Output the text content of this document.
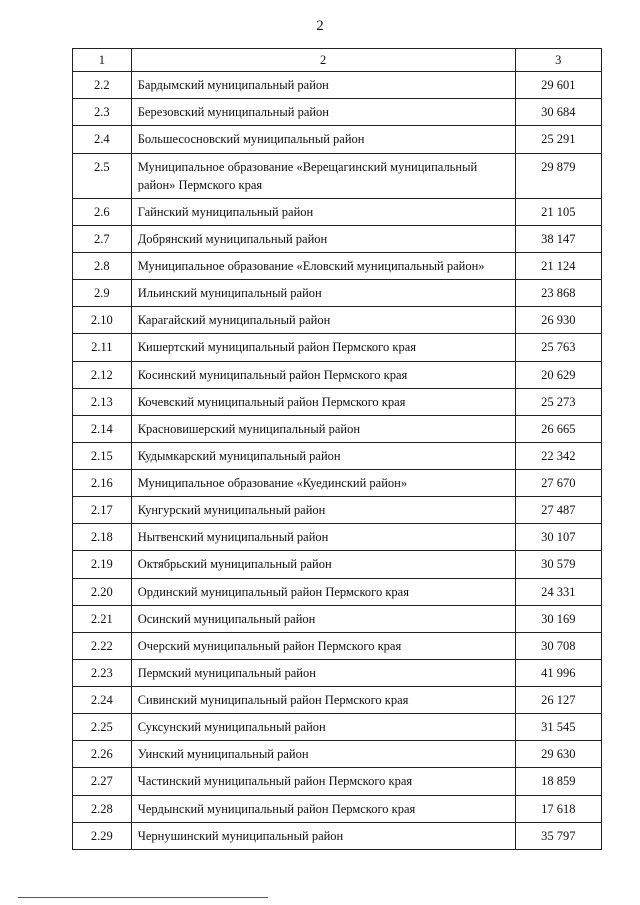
2
1	2	3
2.2	Бардымский муниципальный район	29 601
2.3	Березовский муниципальный район	30 684
2.4	Большесосновский муниципальный район	25 291
2.5	Муниципальное образование «Верещагинский муниципальный район» Пермского края	29 879
2.6	Гайнский муниципальный район	21 105
2.7	Добрянский муниципальный район	38 147
2.8	Муниципальное образование «Еловский муниципальный район»	21 124
2.9	Ильинский муниципальный район	23 868
2.10	Карагайский муниципальный район	26 930
2.11	Кишертский муниципальный район Пермского края	25 763
2.12	Косинский муниципальный район Пермского края	20 629
2.13	Кочевский муниципальный район Пермского края	25 273
2.14	Красновишерский муниципальный район	26 665
2.15	Кудымкарский муниципальный район	22 342
2.16	Муниципальное образование «Куединский район»	27 670
2.17	Кунгурский муниципальный район	27 487
2.18	Нытвенский муниципальный район	30 107
2.19	Октябрьский муниципальный район	30 579
2.20	Ординский муниципальный район Пермского края	24 331
2.21	Осинский муниципальный район	30 169
2.22	Очерский муниципальный район Пермского края	30 708
2.23	Пермский муниципальный район	41 996
2.24	Сивинский муниципальный район Пермского края	26 127
2.25	Суксунский муниципальный район	31 545
2.26	Уинский муниципальный район	29 630
2.27	Частинский муниципальный район Пермского края	18 859
2.28	Чердынский муниципальный район Пермского края	17 618
2.29	Чернушинский муниципальный район	35 797
